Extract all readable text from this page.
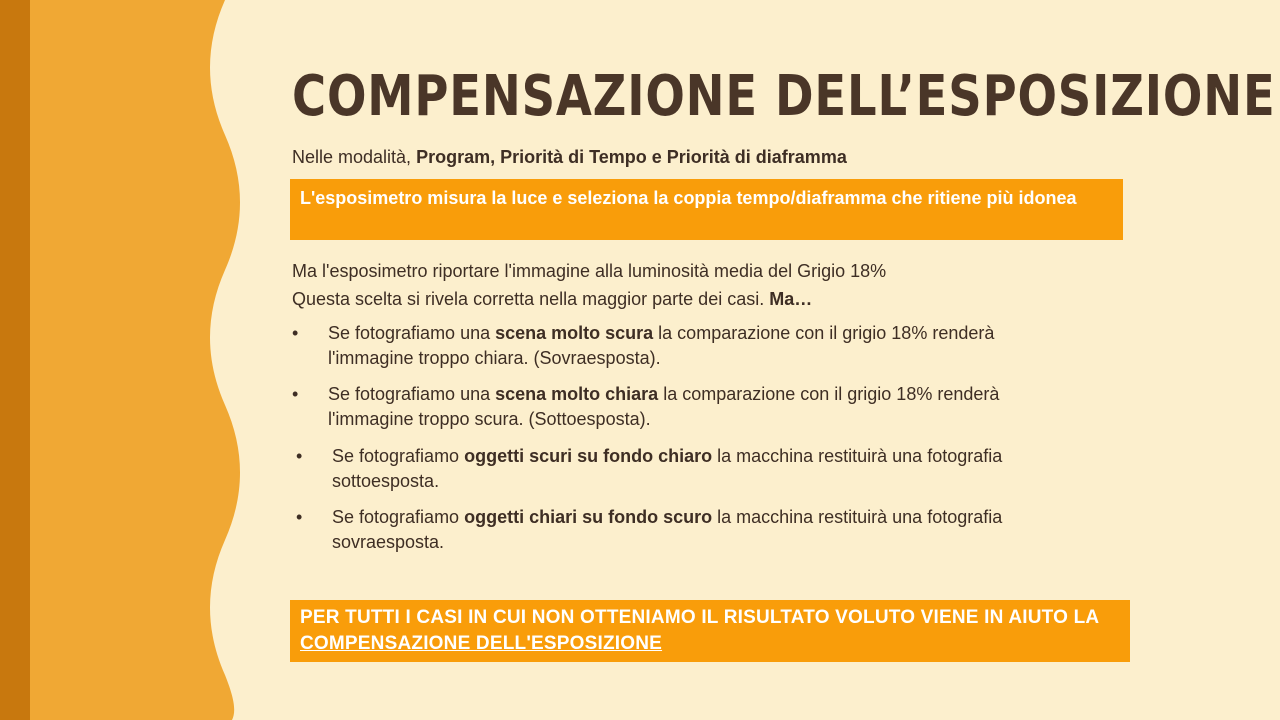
COMPENSAZIONE DELL’ESPOSIZIONE
Nelle modalità, Program, Priorità di Tempo e Priorità di diaframma
L'esposimetro misura la luce e seleziona la coppia tempo/diaframma che ritiene più idonea
Ma l'esposimetro riportare l'immagine alla luminosità media del Grigio 18%
Questa scelta si rivela corretta nella maggior parte dei casi. Ma…
• Se fotografiamo una scena molto scura la comparazione con il grigio 18% renderà l'immagine troppo chiara. (Sovraesposta).
• Se fotografiamo una scena molto chiara la comparazione con il grigio 18% renderà l'immagine troppo scura. (Sottoesposta).
• Se fotografiamo oggetti scuri su fondo chiaro la macchina restituirà una fotografia sottoesposta.
• Se fotografiamo oggetti chiari su fondo scuro la macchina restituirà una fotografia sovraesposta.
PER TUTTI I CASI IN CUI NON OTTENIAMO IL RISULTATO VOLUTO VIENE IN AIUTO LA COMPENSAZIONE DELL'ESPOSIZIONE
